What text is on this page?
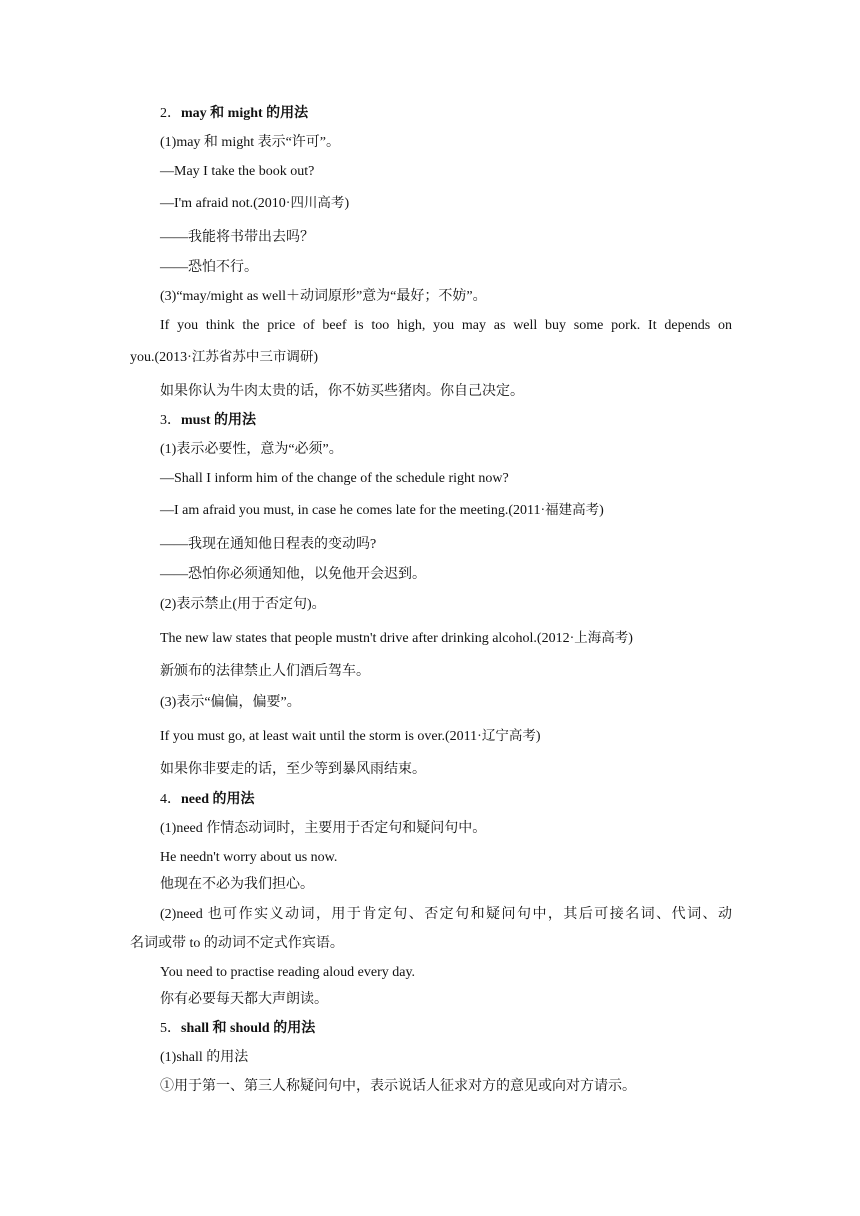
2．may 和 might 的用法
(1)may 和 might 表示“许可”。
—May I take the book out?
—I'm afraid not.(2010·四川高考)
——我能将书带出去吗？
——恐怕不行。
(3)“may/might as well＋动词原形”意为“最好；不妨”。
If you think the price of beef is too high, you may as well buy some pork. It depends on
you.(2013·江苏省苏中三市调研)
如果你认为牛肉太贵的话，你不妨买些猪肉。你自己决定。
3．must 的用法
(1)表示必要性，意为“必须”。
—Shall I inform him of the change of the schedule right now?
—I am afraid you must, in case he comes late for the meeting.(2011·福建高考)
——我现在通知他日程表的变动吗?
——恐怕你必须通知他，以免他开会迟到。
(2)表示禁止(用于否定句)。
The new law states that people mustn't drive after drinking alcohol.(2012·上海高考)
新颁布的法律禁止人们酒后驾车。
(3)表示“偏偏，偏要”。
If you must go, at least wait until the storm is over.(2011·辽宁高考)
如果你非要走的话，至少等到暴风雨结束。
4．need 的用法
(1)need 作情态动词时，主要用于否定句和疑问句中。
He needn't worry about us now.
他现在不必为我们担心。
(2)need 也可作实义动词，用于肯定句、否定句和疑问句中，其后可接名词、代词、动
名词或带 to 的动词不定式作宾语。
You need to practise reading aloud every day.
你有必要每天都大声朗读。
5．shall 和 should 的用法
(1)shall 的用法
①用于第一、第三人称疑问句中，表示说话人征求对方的意见或向对方请示。
